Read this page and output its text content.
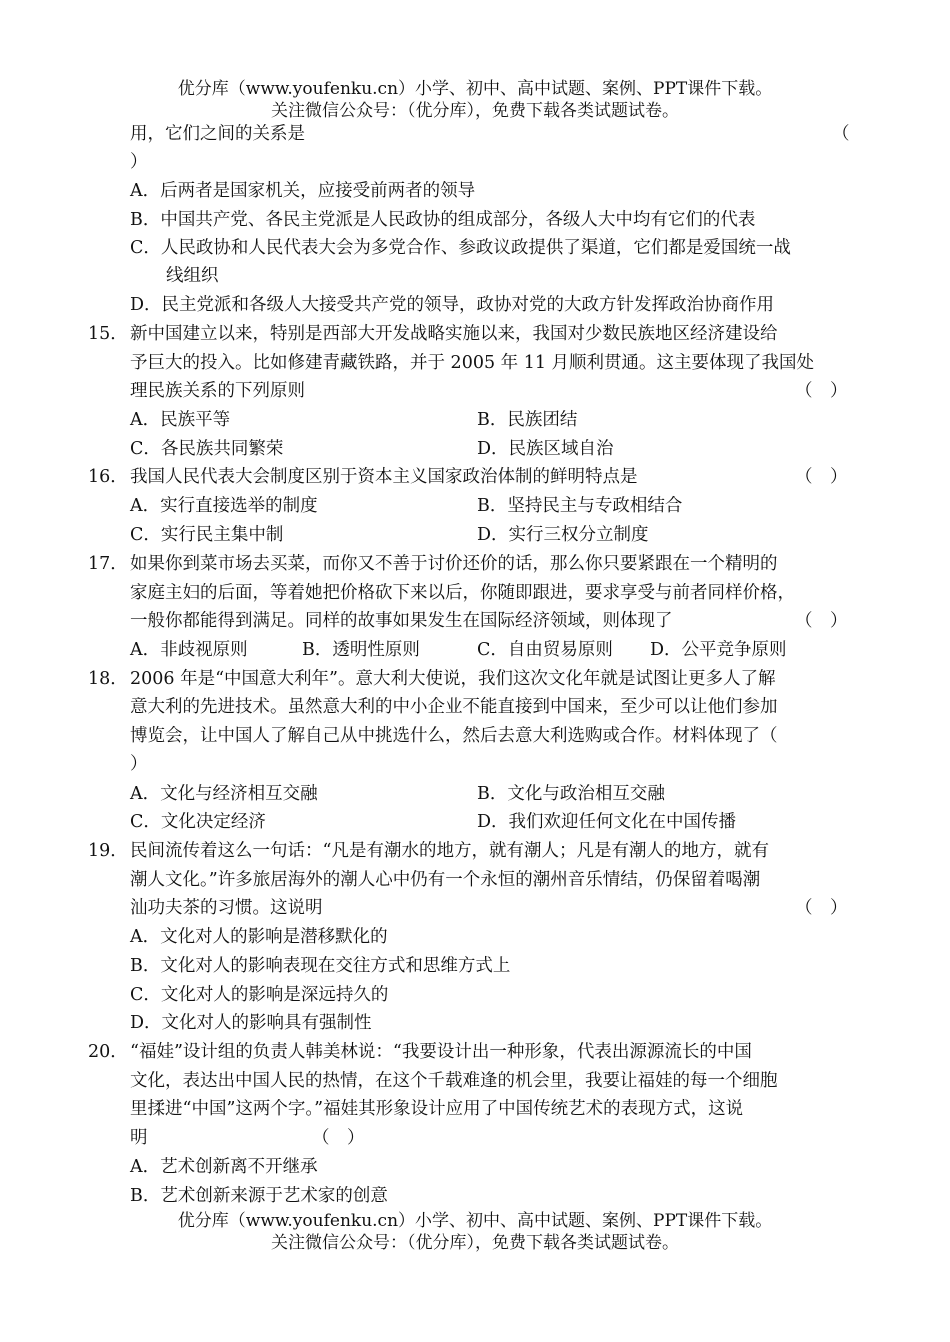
优分库（www.youfenku.cn）小学、初中、高中试题、案例、PPT课件下载。
关注微信公众号：（优分库），免费下载各类试题试卷。
用，它们之间的关系是	（
）
A．后两者是国家机关，应接受前两者的领导
B．中国共产党、各民主党派是人民政协的组成部分，各级人大中均有它们的代表
C．人民政协和人民代表大会为多党合作、参政议政提供了渠道，它们都是爱国统一战
线组织
D．民主党派和各级人大接受共产党的领导，政协对党的大政方针发挥政治协商作用
15． 新中国建立以来，特别是西部大开发战略实施以来，我国对少数民族地区经济建设给
予巨大的投入。比如修建青藏铁路，并于 2005 年 11 月顺利贯通。这主要体现了我国处
理民族关系的下列原则	（　）
A．民族平等	B．民族团结
C．各民族共同繁荣	D．民族区域自治
16． 我国人民代表大会制度区别于资本主义国家政治体制的鲜明特点是	（　）
A．实行直接选举的制度	B．坚持民主与专政相结合
C．实行民主集中制	D．实行三权分立制度
17． 如果你到菜市场去买菜，而你又不善于讨价还价的话，那么你只要紧跟在一个精明的
家庭主妇的后面，等着她把价格砍下来以后，你随即跟进，要求享受与前者同样价格，
一般你都能得到满足。同样的故事如果发生在国际经济领域，则体现了	（　）
A．非歧视原则	B．透明性原则	C．自由贸易原则 D．公平竞争原则
18． 2006 年是“中国意大利年”。意大利大使说，我们这次文化年就是试图让更多人了解
意大利的先进技术。虽然意大利的中小企业不能直接到中国来，至少可以让他们参加
博览会，让中国人了解自己从中挑选什么，然后去意大利选购或合作。材料体现了（
）
A．文化与经济相互交融	B．文化与政治相互交融
C．文化决定经济	D．我们欢迎任何文化在中国传播
19． 民间流传着这么一句话：“凡是有潮水的地方，就有潮人；凡是有潮人的地方，就有
潮人文化。”许多旅居海外的潮人心中仍有一个永恒的潮州音乐情结，仍保留着喝潮
汕功夫茶的习惯。这说明	（　）
A．文化对人的影响是潜移默化的
B．文化对人的影响表现在交往方式和思维方式上
C．文化对人的影响是深远持久的
D．文化对人的影响具有强制性
20． “福娃”设计组的负责人韩美林说：“我要设计出一种形象，代表出源源流长的中国
文化，表达出中国人民的热情，在这个千载难逢的机会里，我要让福娃的每一个细胞
里揉进“中国”这两个字。”福娃其形象设计应用了中国传统艺术的表现方式，这说
明	（　）
A．艺术创新离不开继承
B．艺术创新来源于艺术家的创意
优分库（www.youfenku.cn）小学、初中、高中试题、案例、PPT课件下载。
关注微信公众号：（优分库），免费下载各类试题试卷。
